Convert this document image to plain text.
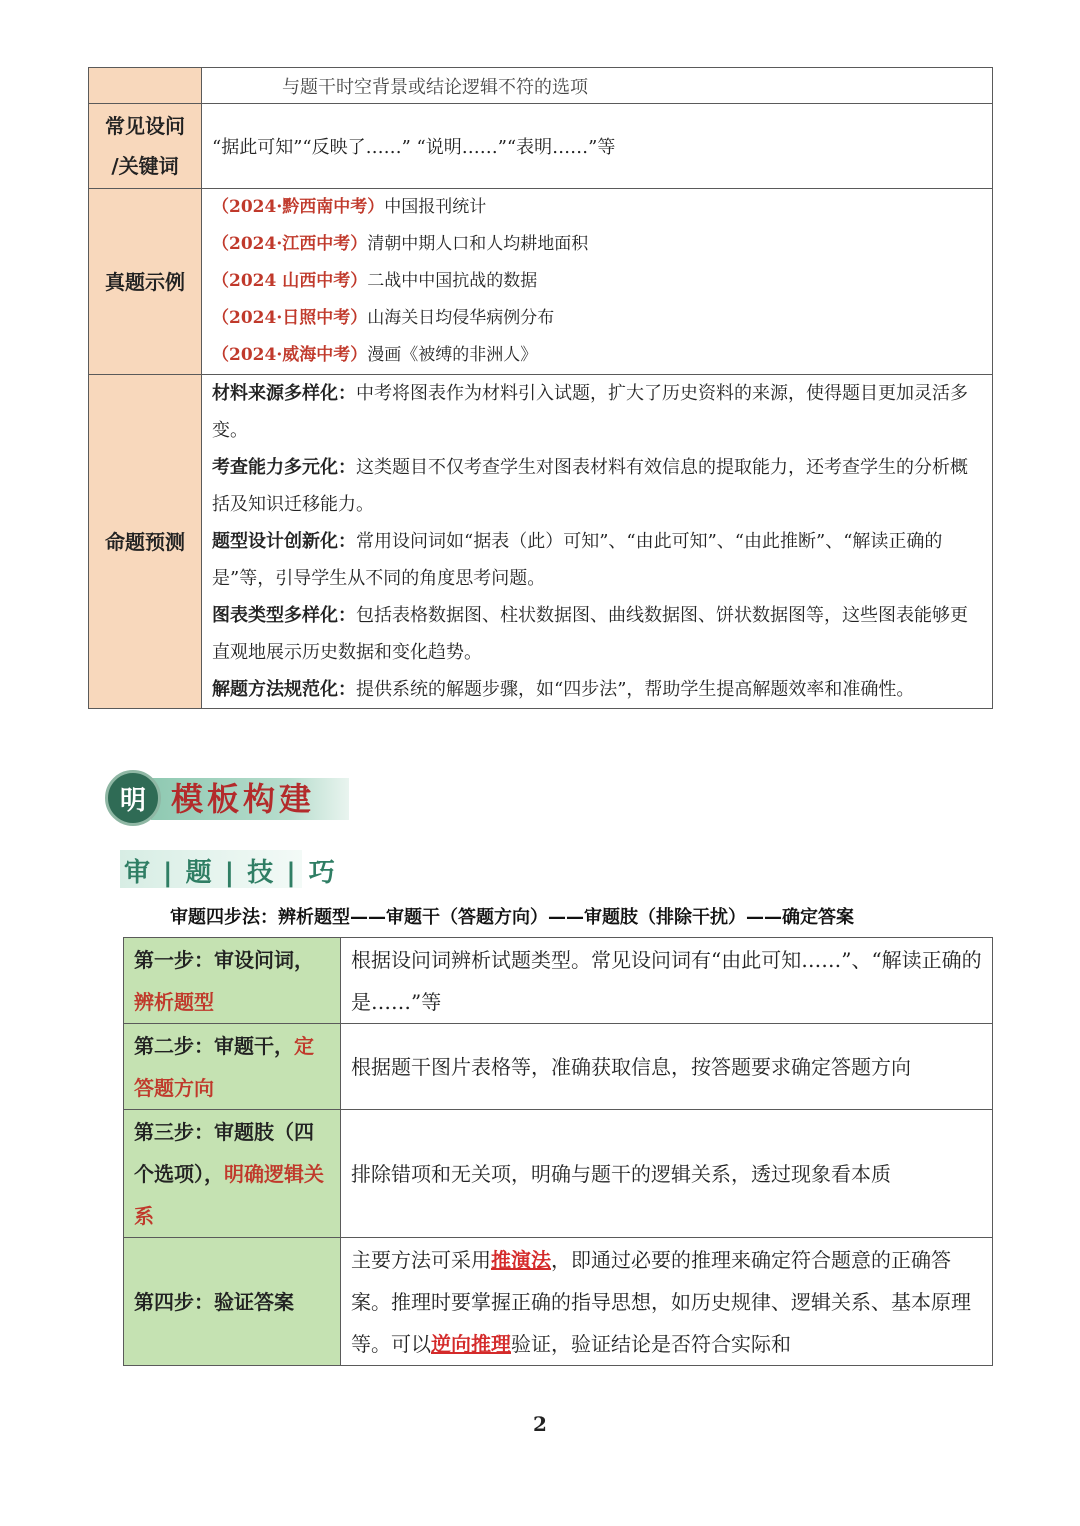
	与题干时空背景或结论逻辑不符的选项

常见设问
/关键词	“据此可知”“反映了……” “说明……”“表明……”等
真题示例	（2024·黔西南中考）中国报刊统计
（2024·江西中考）清朝中期人口和人均耕地面积
（2024 山西中考）二战中中国抗战的数据
（2024·日照中考）山海关日均侵华病例分布
（2024·威海中考）漫画《被缚的非洲人》

命题预测	材料来源多样化：中考将图表作为材料引入试题，扩大了历史资料的来源，使得题目更加灵活多变。

考查能力多元化：这类题目不仅考查学生对图表材料有效信息的提取能力，还考查学生的分析概括及知识迁移能力。

题型设计创新化：常用设问词如“据表（此）可知”、“由此可知”、“由此推断”、“解读正确的是”等，引导学生从不同的角度思考问题。

图表类型多样化：包括表格数据图、柱状数据图、曲线数据图、饼状数据图等，这些图表能够更直观地展示历史数据和变化趋势。

解题方法规范化：提供系统的解题步骤，如“四步法”，帮助学生提高解题效率和准确性。

明 模板构建
审 | 题 | 技 | 巧
审题四步法：辨析题型——审题干（答题方向）——审题肢（排除干扰）——确定答案
第一步：审设问词，辨析题型	根据设问词辨析试题类型。常见设问词有“由此可知……”、“解读正确的是……”等
第二步：审题干，定答题方向	根据题干图片表格等，准确获取信息，按答题要求确定答题方向
第三步：审题肢（四个选项），明确逻辑关系	排除错项和无关项，明确与题干的逻辑关系，透过现象看本质
第四步：验证答案	主要方法可采用推演法，即通过必要的推理来确定符合题意的正确答案。推理时要掌握正确的指导思想，如历史规律、逻辑关系、基本原理等。可以逆向推理验证，验证结论是否符合实际和
2
